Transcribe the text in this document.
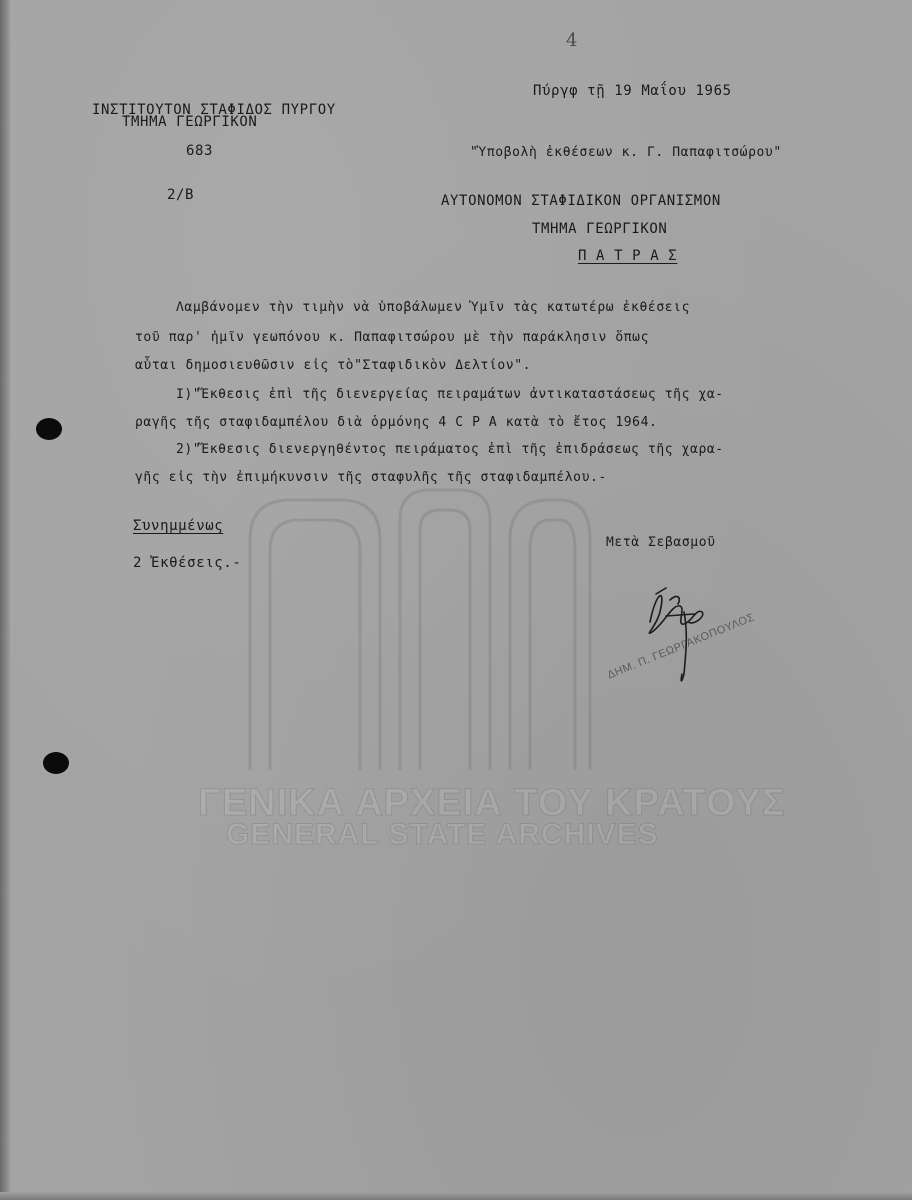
ΓΕΝΙΚΑ ΑΡΧΕΙΑ ΤΟΥ ΚΡΑΤΟΥΣ
GENERAL STATE ARCHIVES
4
ΙΝΣΤΙΤΟΥΤΟΝ ΣΤΑΦΙΔΟΣ ΠΥΡΓΟΥ
ΤΜΗΜΑ ΓΕΩΡΓΙΚΟΝ
683
2/Β
Πύργφ τῇ 19 Μαΐου 1965
"Ὑποβολὴ ἐκθέσεων κ. Γ. Παπαφιτσώρου"
ΑΥΤΟΝΟΜΟΝ ΣΤΑΦΙΔΙΚΟΝ ΟΡΓΑΝΙΣΜΟΝ
ΤΜΗΜΑ ΓΕΩΡΓΙΚΟΝ
Π Α Τ Ρ Α Σ
Λαμβάνομεν τὴν τιμὴν νὰ ὑποβάλωμεν Ὑμῖν τὰς κατωτέρω ἐκθέσεις
τοῦ παρ' ἡμῖν γεωπόνου κ. Παπαφιτσώρου μὲ τὴν παράκλησιν ὅπως
αὗται δημοσιευθῶσιν εἰς τὸ"Σταφιδικὸν Δελτίον".
Ι)"Ἔκθεσις ἐπὶ τῆς διενεργείας πειραμάτων ἀντικαταστάσεως τῆς χα-
ραγῆς τῆς σταφιδαμπέλου διὰ ὁρμόνης 4 C P A κατὰ τὸ ἔτος 1964.
2)"Ἔκθεσις διενεργηθέντος πειράματος ἐπὶ τῆς ἐπιδράσεως τῆς χαρα-
γῆς εἰς τὴν ἐπιμήκυνσιν τῆς σταφυλῆς τῆς σταφιδαμπέλου.-
Συνημμένως
2 Ἐκθέσεις.-
Μετὰ Σεβασμοῦ
ΔΗΜ. Π. ΓΕΩΡΓΑΚΟΠΟΥΛΟΣ
